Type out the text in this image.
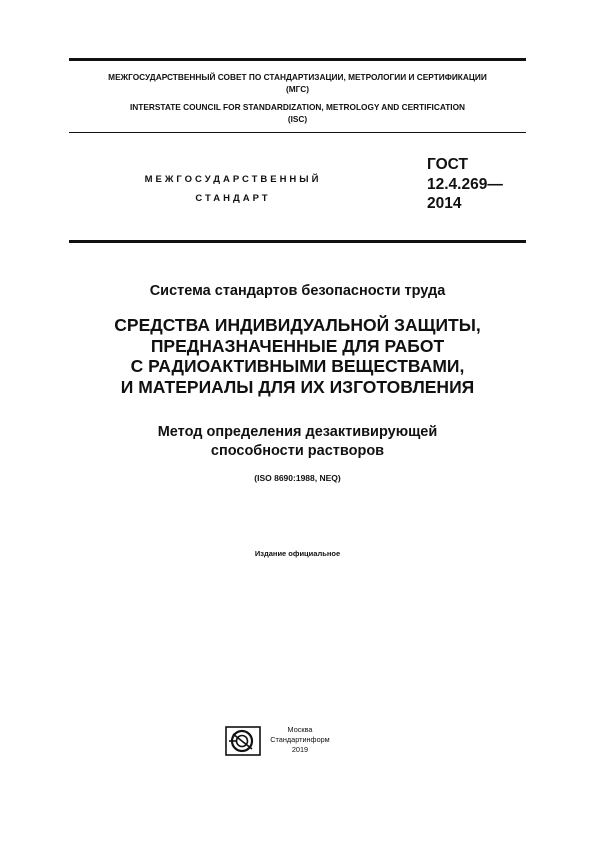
МЕЖГОСУДАРСТВЕННЫЙ СОВЕТ ПО СТАНДАРТИЗАЦИИ, МЕТРОЛОГИИ И СЕРТИФИКАЦИИ
(МГС)
INTERSTATE COUNCIL FOR STANDARDIZATION, METROLOGY AND CERTIFICATION
(ISC)
МЕЖГОСУДАРСТВЕННЫЙ
СТАНДАРТ
ГОСТ
12.4.269—
2014
Система стандартов безопасности труда
СРЕДСТВА ИНДИВИДУАЛЬНОЙ ЗАЩИТЫ,
ПРЕДНАЗНАЧЕННЫЕ ДЛЯ РАБОТ
С РАДИОАКТИВНЫМИ ВЕЩЕСТВАМИ,
И МАТЕРИАЛЫ ДЛЯ ИХ ИЗГОТОВЛЕНИЯ
Метод определения дезактивирующей
способности растворов
(ISO 8690:1988, NEQ)
Издание официальное
Москва
Стандартинформ
2019
